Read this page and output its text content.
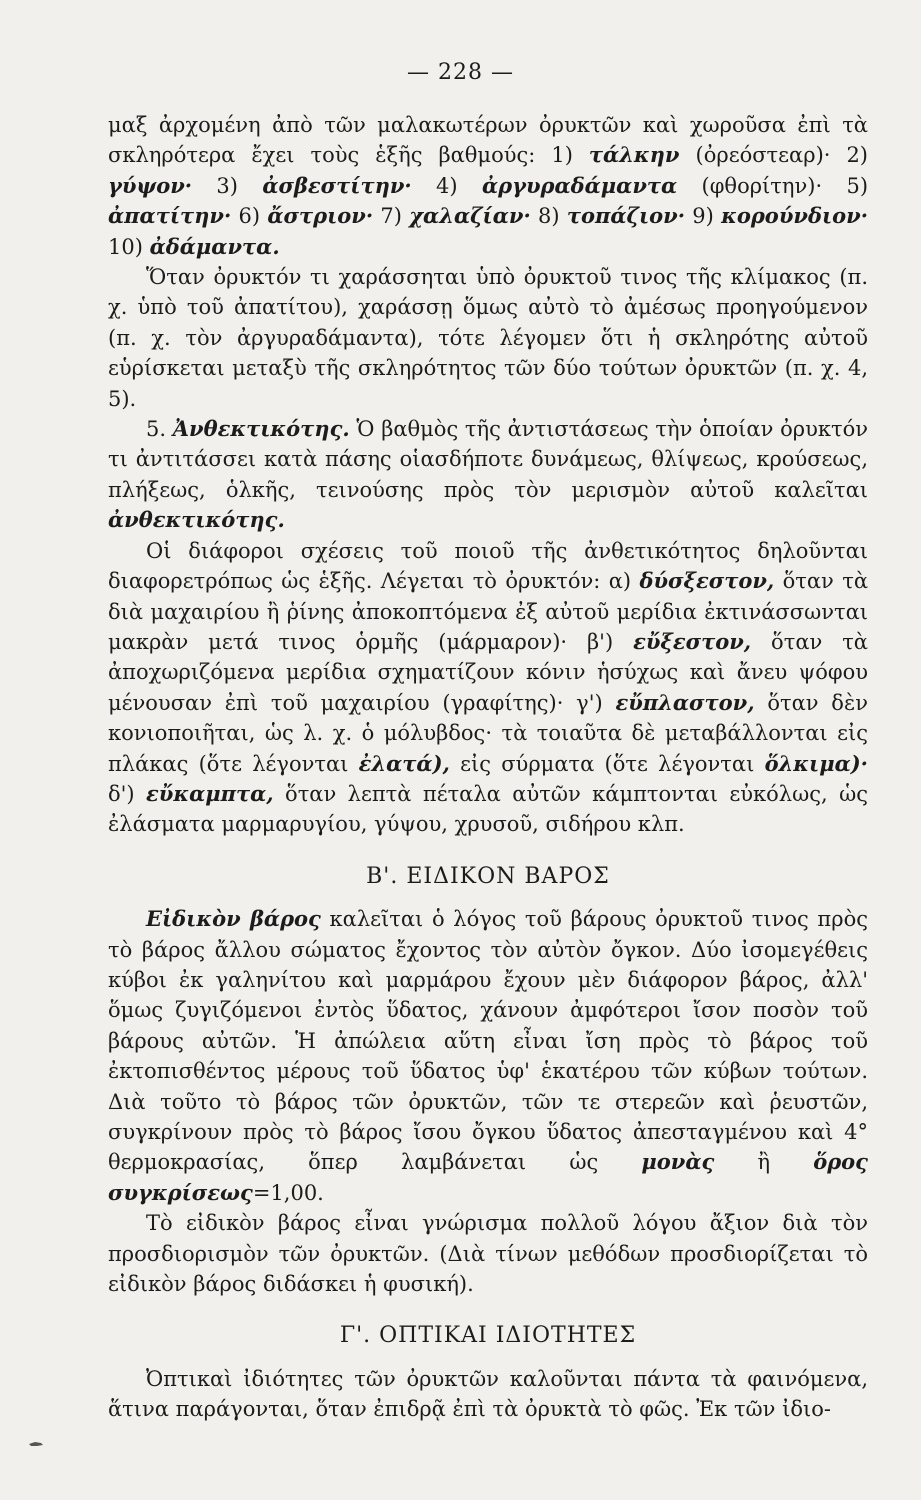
— 228 —

μαξ ἀρχομένη ἀπὸ τῶν μαλακωτέρων ὀρυκτῶν καὶ χωροῦσα ἐπὶ τὰ σκληρότερα ἔχει τοὺς ἑξῆς βαθμούς: 1) τάλκην (ὀρεόστεαρ)· 2) γύψον· 3) ἀσβεστίτην· 4) ἀργυραδάμαντα (φθορίτην)· 5) ἀπατίτην· 6) ἄστριον· 7) χαλαζίαν· 8) τοπάζιον· 9) κορούνδιον· 10) ἀδάμαντα.

Ὅταν ὀρυκτόν τι χαράσσηται ὑπὸ ὀρυκτοῦ τινος τῆς κλίμακος (π. χ. ὑπὸ τοῦ ἀπατίτου), χαράσσῃ ὅμως αὐτὸ τὸ ἀμέσως προηγούμενον (π. χ. τὸν ἀργυραδάμαντα), τότε λέγομεν ὅτι ἡ σκληρότης αὐτοῦ εὑρίσκεται μεταξὺ τῆς σκληρότητος τῶν δύο τούτων ὀρυκτῶν (π. χ. 4, 5).

5. Ἀνθεκτικότης. Ὁ βαθμὸς τῆς ἀντιστάσεως τὴν ὁποίαν ὀρυκτόν τι ἀντιτάσσει κατὰ πάσης οἱασδήποτε δυνάμεως, θλίψεως, κρούσεως, πλήξεως, ὁλκῆς, τεινούσης πρὸς τὸν μερισμὸν αὐτοῦ καλεῖται ἀνθεκτικότης.

Οἱ διάφοροι σχέσεις τοῦ ποιοῦ τῆς ἀνθετικότητος δηλοῦνται διαφορετρόπως ὡς ἑξῆς. Λέγεται τὸ ὀρυκτόν: α) δύσξεστον, ὅταν τὰ διὰ μαχαιρίου ἢ ῥίνης ἀποκοπτόμενα ἐξ αὐτοῦ μερίδια ἐκτινάσσωνται μακρὰν μετά τινος ὁρμῆς (μάρμαρον)· β') εὔξεστον, ὅταν τὰ ἀποχωριζόμενα μερίδια σχηματίζουν κόνιν ἡσύχως καὶ ἄνευ ψόφου μένουσαν ἐπὶ τοῦ μαχαιρίου (γραφίτης)· γ') εὔπλαστον, ὅταν δὲν κονιοποιῆται, ὡς λ. χ. ὁ μόλυβδος· τὰ τοιαῦτα δὲ μεταβάλλονται εἰς πλάκας (ὅτε λέγονται ἐλατά), εἰς σύρματα (ὅτε λέγονται ὅλκιμα)· δ') εὔκαμπτα, ὅταν λεπτὰ πέταλα αὐτῶν κάμπτονται εὐκόλως, ὡς ἐλάσματα μαρμαρυγίου, γύψου, χρυσοῦ, σιδήρου κλπ.

Β'. ΕΙΔΙΚΟΝ ΒΑΡΟΣ

Εἰδικὸν βάρος καλεῖται ὁ λόγος τοῦ βάρους ὀρυκτοῦ τινος πρὸς τὸ βάρος ἄλλου σώματος ἔχοντος τὸν αὐτὸν ὄγκον. Δύο ἰσομεγέθεις κύβοι ἐκ γαληνίτου καὶ μαρμάρου ἔχουν μὲν διάφορον βάρος, ἀλλ' ὅμως ζυγιζόμενοι ἐντὸς ὕδατος, χάνουν ἀμφότεροι ἴσον ποσὸν τοῦ βάρους αὐτῶν. Ἡ ἀπώλεια αὕτη εἶναι ἴση πρὸς τὸ βάρος τοῦ ἐκτοπισθέντος μέρους τοῦ ὕδατος ὑφ' ἑκατέρου τῶν κύβων τούτων. Διὰ τοῦτο τὸ βάρος τῶν ὀρυκτῶν, τῶν τε στερεῶν καὶ ῥευστῶν, συγκρίνουν πρὸς τὸ βάρος ἴσου ὄγκου ὕδατος ἀπεσταγμένου καὶ 4° θερμοκρασίας, ὅπερ λαμβάνεται ὡς μονὰς ἢ ὅρος συγκρίσεως=1,00.

Τὸ εἰδικὸν βάρος εἶναι γνώρισμα πολλοῦ λόγου ἄξιον διὰ τὸν προσδιορισμὸν τῶν ὀρυκτῶν. (Διὰ τίνων μεθόδων προσδιορίζεται τὸ εἰδικὸν βάρος διδάσκει ἡ φυσική).

Γ'. ΟΠΤΙΚΑΙ ΙΔΙΟΤΗΤΕΣ

Ὀπτικαὶ ἰδιότητες τῶν ὀρυκτῶν καλοῦνται πάντα τὰ φαινόμενα, ἅτινα παράγονται, ὅταν ἐπιδρᾷ ἐπὶ τὰ ὀρυκτὰ τὸ φῶς. Ἐκ τῶν ἰδιο-
